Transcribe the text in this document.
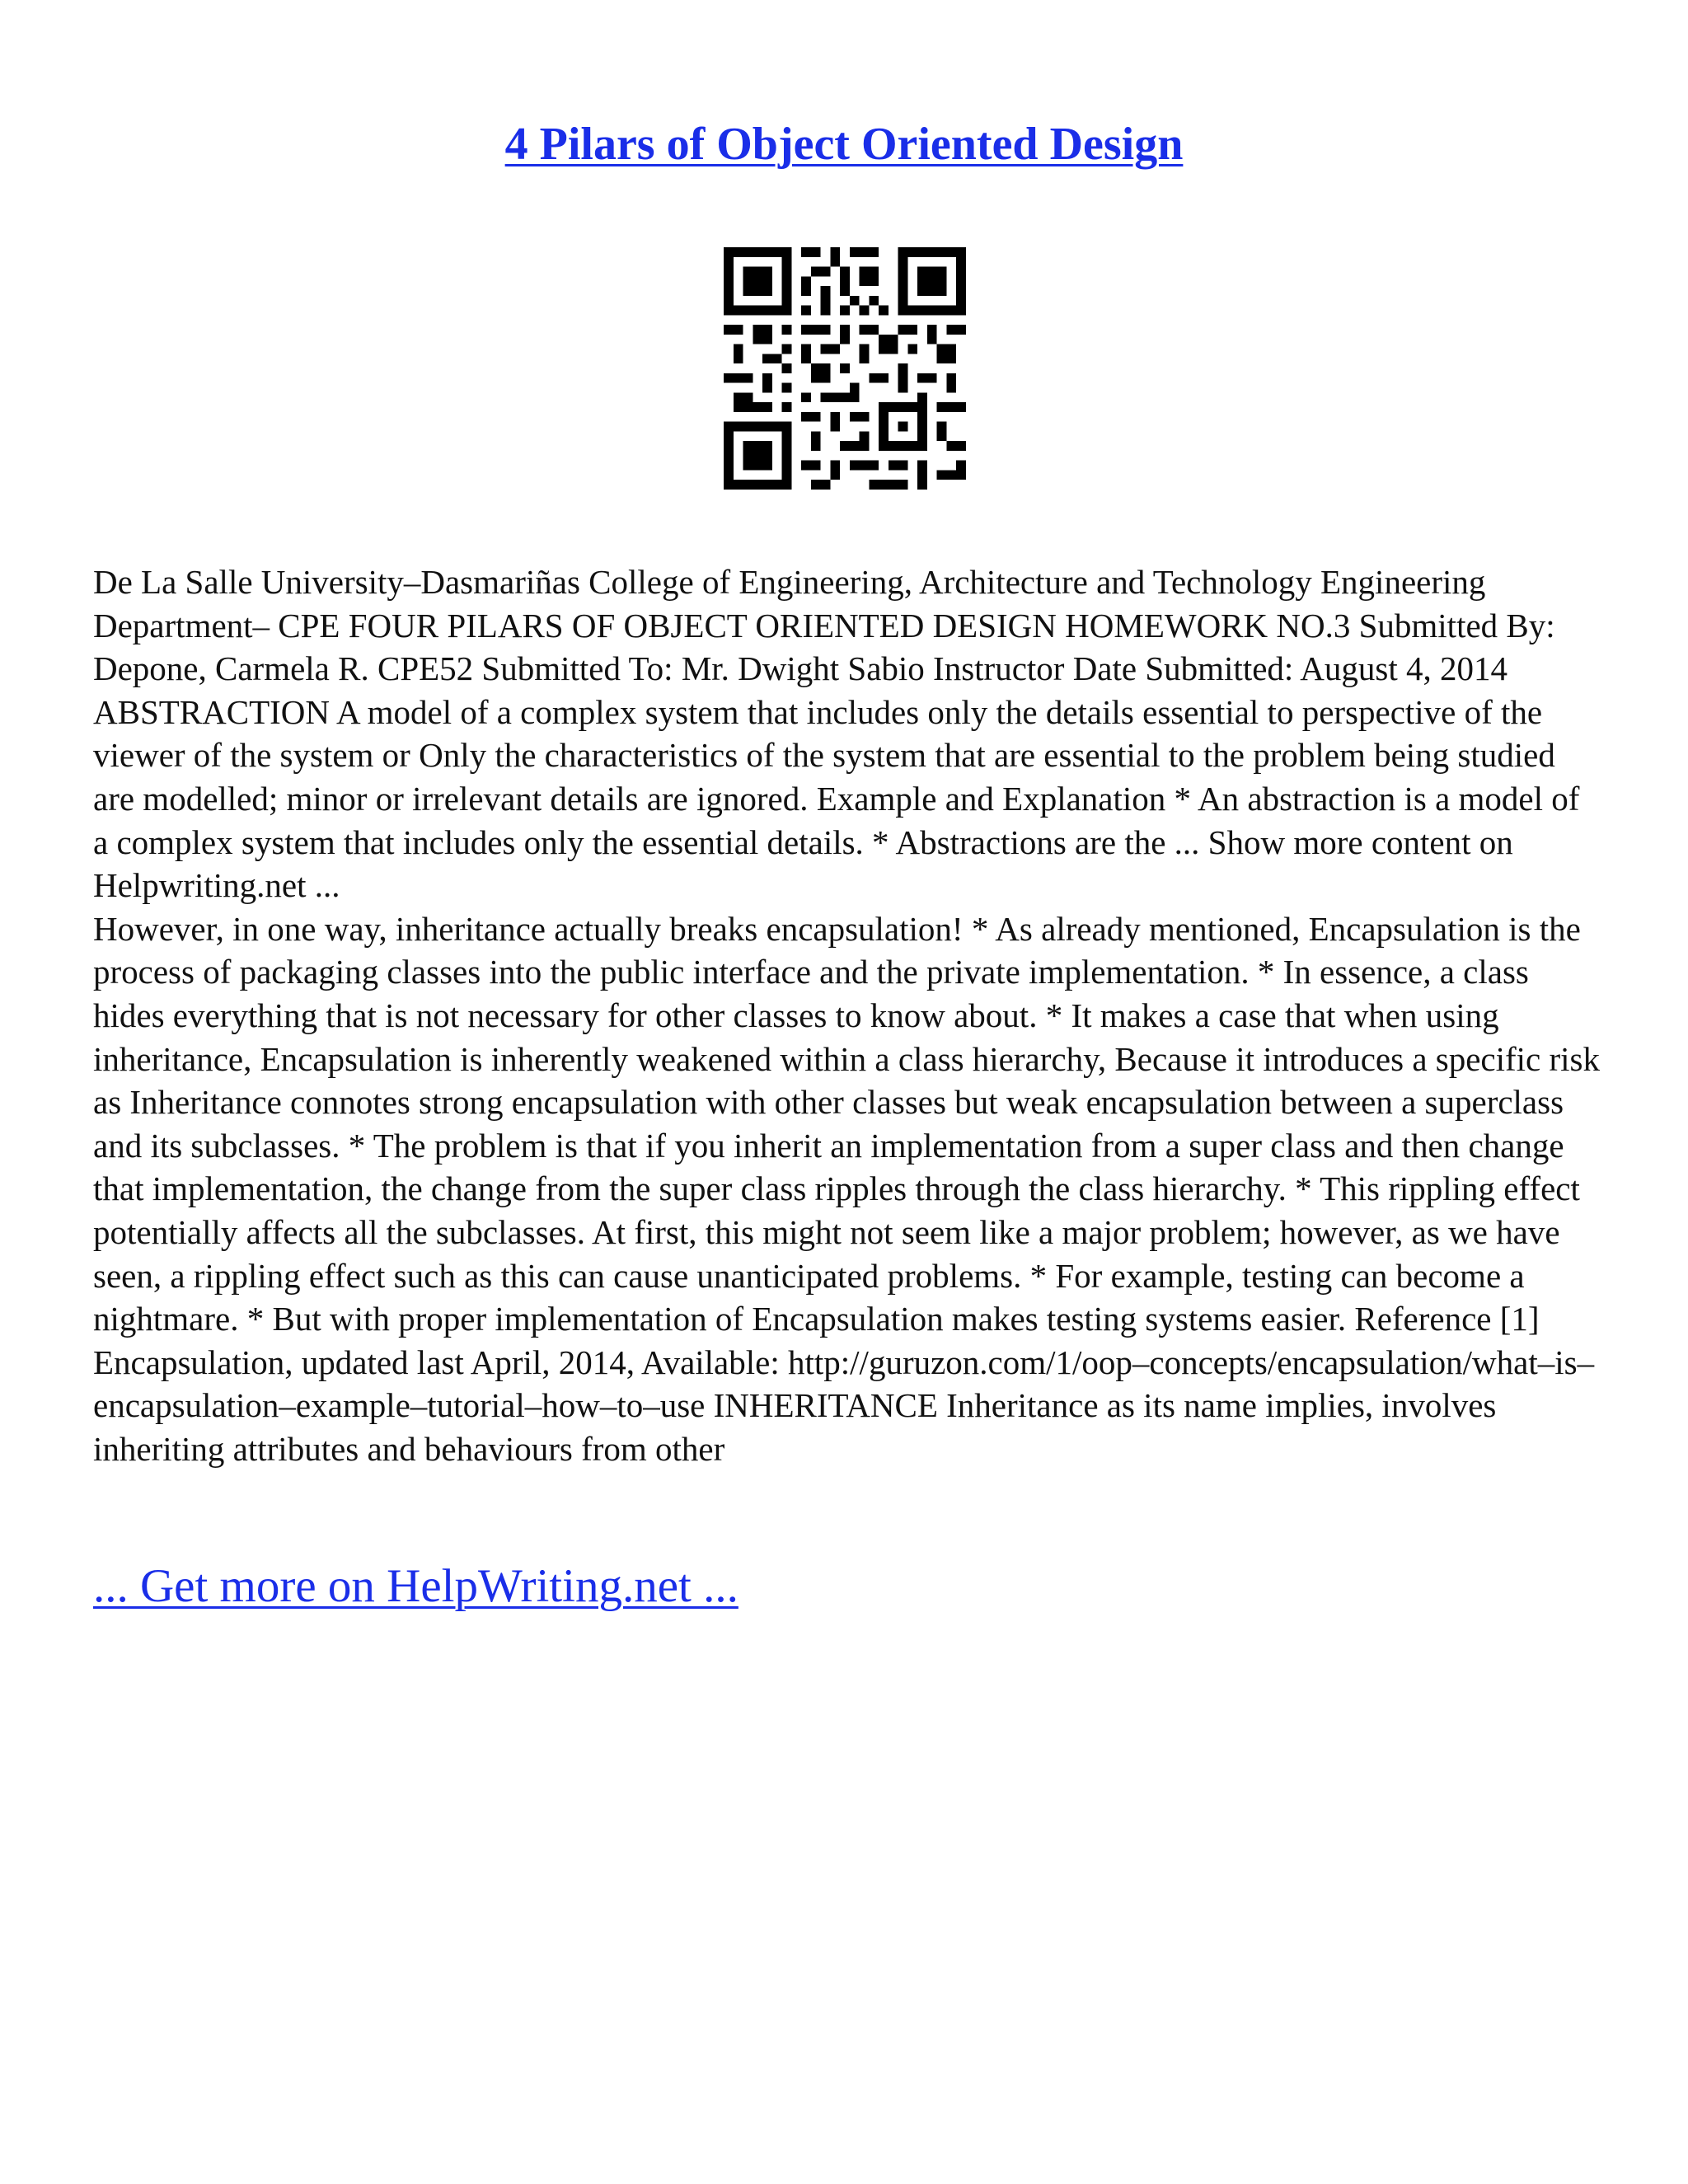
4 Pilars of Object Oriented Design

De La Salle University–Dasmariñas College of Engineering, Architecture and Technology Engineering Department– CPE FOUR PILARS OF OBJECT ORIENTED DESIGN HOMEWORK NO.3 Submitted By: Depone, Carmela R. CPE52 Submitted To: Mr. Dwight Sabio Instructor Date Submitted: August 4, 2014 ABSTRACTION A model of a complex system that includes only the details essential to perspective of the viewer of the system or Only the characteristics of the system that are essential to the problem being studied are modelled; minor or irrelevant details are ignored. Example and Explanation * An abstraction is a model of a complex system that includes only the essential details. * Abstractions are the ... Show more content on Helpwriting.net ...

However, in one way, inheritance actually breaks encapsulation! * As already mentioned, Encapsulation is the process of packaging classes into the public interface and the private implementation. * In essence, a class hides everything that is not necessary for other classes to know about. * It makes a case that when using inheritance, Encapsulation is inherently weakened within a class hierarchy, Because it introduces a specific risk as Inheritance connotes strong encapsulation with other classes but weak encapsulation between a superclass and its subclasses. * The problem is that if you inherit an implementation from a super class and then change that implementation, the change from the super class ripples through the class hierarchy. * This rippling effect potentially affects all the subclasses. At first, this might not seem like a major problem; however, as we have seen, a rippling effect such as this can cause unanticipated problems. * For example, testing can become a nightmare. * But with proper implementation of Encapsulation makes testing systems easier. Reference [1] Encapsulation, updated last April, 2014, Available: http://guruzon.com/1/oop–concepts/encapsulation/what–is–encapsulation–example–tutorial–how–to–use INHERITANCE Inheritance as its name implies, involves inheriting attributes and behaviours from other

... Get more on HelpWriting.net ...
